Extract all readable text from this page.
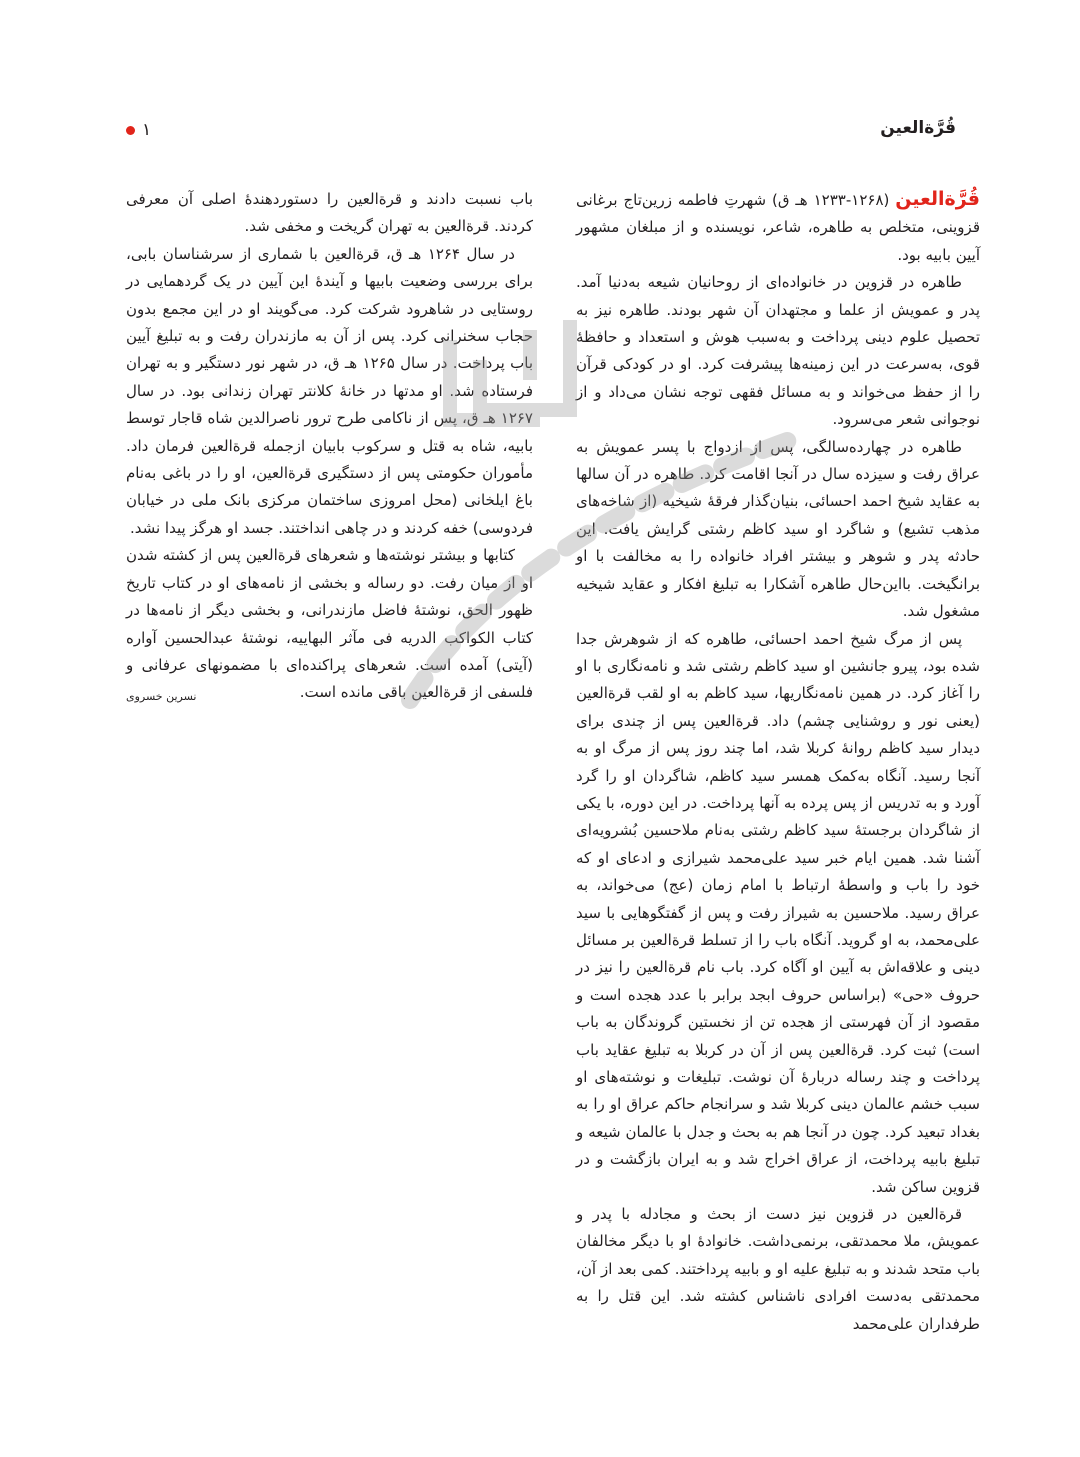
قُرَّةالعین
۱

قُرَّةالعین (۱۲۶۸-۱۲۳۳ هـ ق) شهرتِ فاطمه زرین‌تاج برغانی قزوینی، متخلص به طاهره، شاعر، نویسنده و از مبلغان مشهور آیین بابیه بود.

طاهره در قزوین در خانواده‌ای از روحانیان شیعه به‌دنیا آمد. پدر و عمویش از علما و مجتهدان آن شهر بودند. طاهره نیز به تحصیل علوم دینی پرداخت و به‌سبب هوش و استعداد و حافظهٔ قوی، به‌سرعت در این زمینه‌ها پیشرفت کرد. او در کودکی قرآن را از حفظ می‌خواند و به مسائل فقهی توجه نشان می‌داد و از نوجوانی شعر می‌سرود.

طاهره در چهارده‌سالگی، پس از ازدواج با پسر عمویش به عراق رفت و سیزده سال در آنجا اقامت کرد. طاهره در آن سالها به عقاید شیخ احمد احسائی، بنیان‌گذار فرقهٔ شیخیه (از شاخه‌های مذهب تشیع) و شاگرد او سید کاظم رشتی گرایش یافت. این حادثه پدر و شوهر و بیشتر افراد خانواده را به مخالفت با او برانگیخت. بااین‌حال طاهره آشکارا به تبلیغ افکار و عقاید شیخیه مشغول شد.

پس از مرگ شیخ احمد احسائی، طاهره که از شوهرش جدا شده بود، پیرو جانشین او سید کاظم رشتی شد و نامه‌نگاری با او را آغاز کرد. در همین نامه‌نگاریها، سید کاظم به او لقب قرةالعین (یعنی نور و روشنایی چشم) داد. قرةالعین پس از چندی برای دیدار سید کاظم روانهٔ کربلا شد، اما چند روز پس از مرگ او به آنجا رسید. آنگاه به‌کمک همسر سید کاظم، شاگردان او را گرد آورد و به تدریس از پس پرده به آنها پرداخت. در این دوره، با یکی از شاگردان برجستهٔ سید کاظم رشتی به‌نام ملاحسین بُشرویه‌ای آشنا شد. همین ایام خبر سید علی‌محمد شیرازی و ادعای او که خود را باب و واسطهٔ ارتباط با امام زمان (عج) می‌خواند، به عراق رسید. ملاحسین به شیراز رفت و پس از گفتگوهایی با سید علی‌محمد، به او گروید. آنگاه باب را از تسلط قرةالعین بر مسائل دینی و علاقه‌اش به آیین او آگاه کرد. باب نام قرةالعین را نیز در حروف «حی» (براساس حروف ابجد برابر با عدد هجده است و مقصود از آن فهرستی از هجده تن از نخستین گروندگان به باب است) ثبت کرد. قرةالعین پس از آن در کربلا به تبلیغ عقاید باب پرداخت و چند رساله دربارهٔ آن نوشت. تبلیغات و نوشته‌های او سبب خشم عالمان دینی کربلا شد و سرانجام حاکم عراق او را به بغداد تبعید کرد. چون در آنجا هم به بحث و جدل با عالمان شیعه و تبلیغ بابیه پرداخت، از عراق اخراج شد و به ایران بازگشت و در قزوین ساکن شد.

قرةالعین در قزوین نیز دست از بحث و مجادله با پدر و عمویش، ملا محمدتقی، برنمی‌داشت. خانوادهٔ او با دیگر مخالفان باب متحد شدند و به تبلیغ علیه او و بابیه پرداختند. کمی بعد از آن، محمدتقی به‌دست افرادی ناشناس کشته شد. این قتل را به طرفداران علی‌محمد

باب نسبت دادند و قرةالعین را دستوردهندهٔ اصلی آن معرفی کردند. قرةالعین به تهران گریخت و مخفی شد.

در سال ۱۲۶۴ هـ ق، قرةالعین با شماری از سرشناسان بابی، برای بررسی وضعیت بابیها و آیندهٔ این آیین در یک گردهمایی در روستایی در شاهرود شرکت کرد. می‌گویند او در این مجمع بدون حجاب سخنرانی کرد. پس از آن به مازندران رفت و به تبلیغ آیین باب پرداخت. در سال ۱۲۶۵ هـ ق، در شهر نور دستگیر و به تهران فرستاده شد. او مدتها در خانهٔ کلانتر تهران زندانی بود. در سال ۱۲۶۷ هـ ق، پس از ناکامی طرح ترور ناصرالدین شاه قاجار توسط بابیه، شاه به قتل و سرکوب بابیان ازجمله قرةالعین فرمان داد. مأموران حکومتی پس از دستگیری قرةالعین، او را در باغی به‌نام باغ ایلخانی (محل امروزی ساختمان مرکزی بانک ملی در خیابان فردوسی) خفه کردند و در چاهی انداختند. جسد او هرگز پیدا نشد.

کتابها و بیشتر نوشته‌ها و شعرهای قرةالعین پس از کشته شدن او از میان رفت. دو رساله و بخشی از نامه‌های او در کتاب تاریخ ظهور الحق، نوشتهٔ فاضل مازندرانی، و بخشی دیگر از نامه‌ها در کتاب الکواکب الدریه فی مآثر البهاییه، نوشتهٔ عبدالحسین آواره (آیتی) آمده است. شعرهای پراکنده‌ای با مضمونهای عرفانی و فلسفی از قرةالعین باقی مانده است.

نسرین خسروی
